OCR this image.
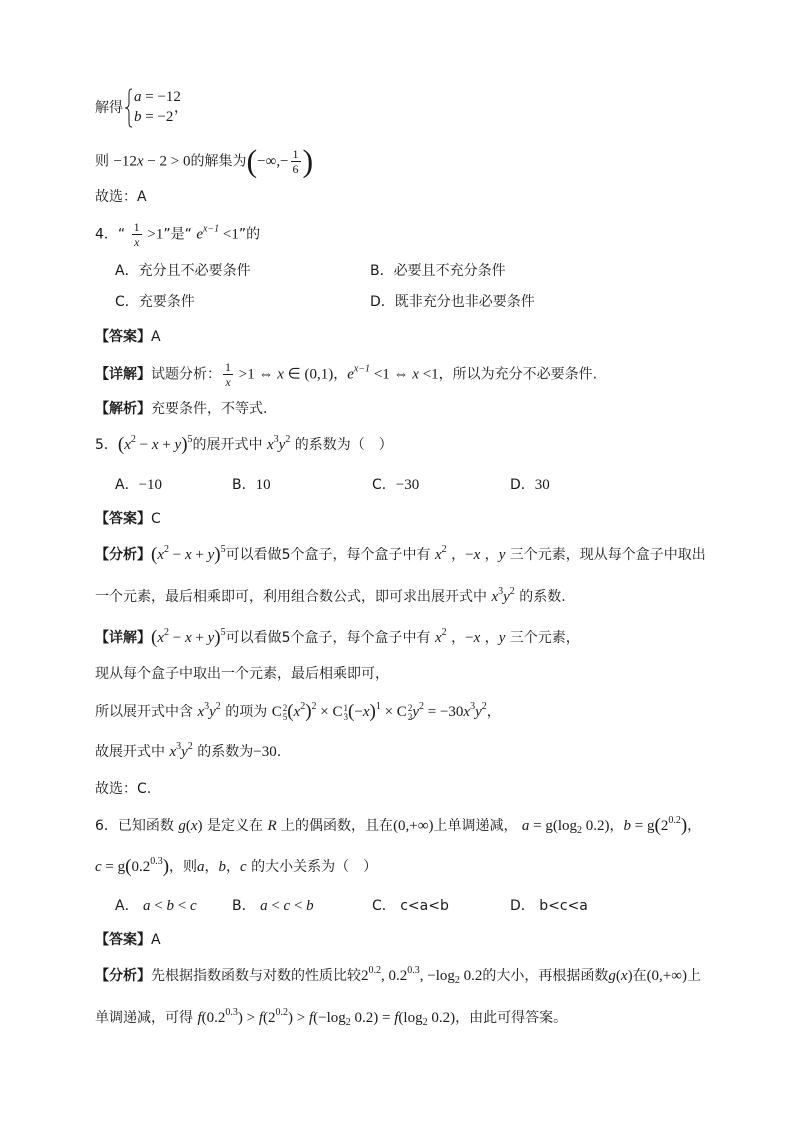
解得
a = −12
b = −2
，
则 −12x − 2 > 0的解集为(−∞,− $\frac{1}{6}$ )
故选：A
4．“ $\frac{1}{x} >1$”是“ $e^{x-1} <1$”的
A．充分且不必要条件	B．必要且不充分条件
C．充要条件	D．既非充分也非必要条件
【答案】A
【详解】试题分析： $\frac{1}{x} >1$ ⇔ x ∈ (0,1)，$e^{x-1} <1$ ⇔ x <1，所以为充分不必要条件.
【解析】充要条件，不等式.
5．$(x^2 - x + y)^5$的展开式中 $x^3y^2$ 的系数为（　）
A．−10	B．10	C．−30	D．30
【答案】C
【分析】$(x^2 - x + y)^5$可以看做5个盒子，每个盒子中有 $x^2$ ，−x ，y 三个元素，现从每个盒子中取出
一个元素，最后相乘即可，利用组合数公式，即可求出展开式中 $x^3y^2$ 的系数.
【详解】$(x^2 - x + y)^5$可以看做5个盒子，每个盒子中有 $x^2$ ，−x ，y 三个元素，
现从每个盒子中取出一个元素，最后相乘即可，
所以展开式中含 $x^3y^2$ 的项为 C 2
5 $(x^2)^2 \times C$ 1
3 $(-x)^1 \times C$ 2
2 $y^2 = -30x^3y^2$，
故展开式中 $x^3y^2$ 的系数为−30.
故选：C.
6．已知函数 g(x) 是定义在 R 上的偶函数，且在(0,+∞)上单调递减， $a = g(\log_2$ 0.2)，$b = g(2^{0.2})$，
$c = g(0.2^{0.3})$，则a，b，c 的大小关系为（　）
A． a < b < c	B． a < c < b	C． c<a<b	D． b<c<a
【答案】A
【分析】先根据指数函数与对数的性质比较$2^{0.2}$, $0.2^{0.3}$, $-\log_2$ 0.2的大小，再根据函数g(x)在(0,+∞)上
单调递减，可得 $f(0.2^{0.3}) > f(2^{0.2}) > f(-\log_2$ $0.2) = f(\log_2$ 0.2)，由此可得答案。
